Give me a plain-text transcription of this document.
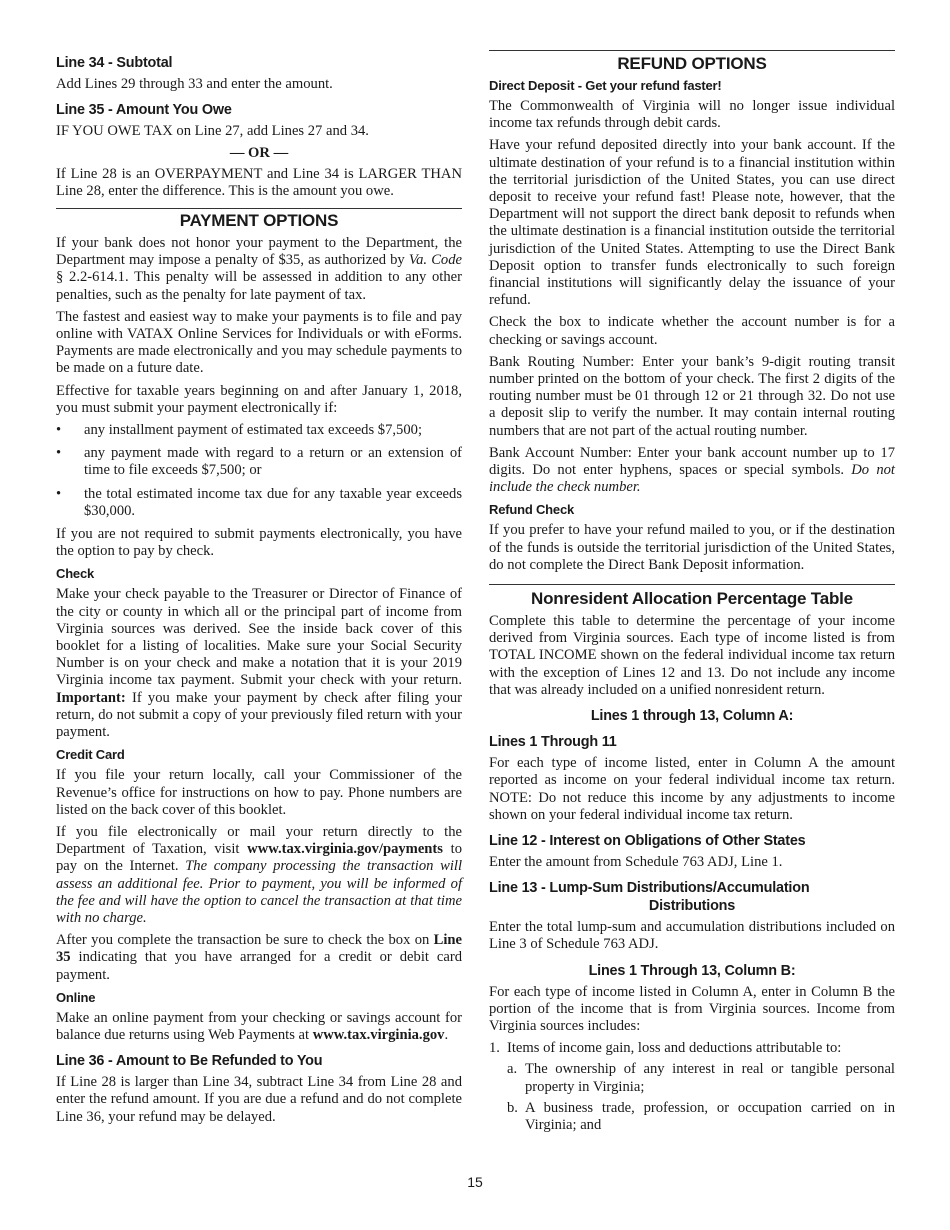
Line 34 - Subtotal

Add Lines 29 through 33 and enter the amount.

Line 35 - Amount You Owe

IF YOU OWE TAX on Line 27, add Lines 27 and 34.

— OR —

If Line 28 is an OVERPAYMENT and Line 34 is LARGER THAN Line 28, enter the difference. This is the amount you owe.

PAYMENT OPTIONS

If your bank does not honor your payment to the Department, the Department may impose a penalty of $35, as authorized by Va. Code § 2.2-614.1. This penalty will be assessed in addition to any other penalties, such as the penalty for late payment of tax.

The fastest and easiest way to make your payments is to file and pay online with VATAX Online Services for Individuals or with eForms. Payments are made electronically and you may schedule payments to be made on a future date.

Effective for taxable years beginning on and after January 1, 2018, you must submit your payment electronically if:

•	any installment payment of estimated tax exceeds $7,500;

•	any payment made with regard to a return or an extension of time to file exceeds $7,500; or

•	the total estimated income tax due for any taxable year exceeds $30,000.

If you are not required to submit payments electronically, you have the option to pay by check.

Check

Make your check payable to the Treasurer or Director of Finance of the city or county in which all or the principal part of income from Virginia sources was derived. See the inside back cover of this booklet for a listing of localities. Make sure your Social Security Number is on your check and make a notation that it is your 2019 Virginia income tax payment. Submit your check with your return. Important: If you make your payment by check after filing your return, do not submit a copy of your previously filed return with your payment.

Credit Card

If you file your return locally, call your Commissioner of the Revenue’s office for instructions on how to pay. Phone numbers are listed on the back cover of this booklet.

If you file electronically or mail your return directly to the Department of Taxation, visit www.tax.virginia.gov/payments to pay on the Internet. The company processing the transaction will assess an additional fee. Prior to payment, you will be informed of the fee and will have the option to cancel the transaction at that time with no charge.

After you complete the transaction be sure to check the box on Line 35 indicating that you have arranged for a credit or debit card payment.

Online

Make an online payment from your checking or savings account for balance due returns using Web Payments at www.tax.virginia.gov.

Line 36 - Amount to Be Refunded to You

If Line 28 is larger than Line 34, subtract Line 34 from Line 28 and enter the refund amount. If you are due a refund and do not complete Line 36, your refund may be delayed.

REFUND OPTIONS
Direct Deposit - Get your refund faster!

The Commonwealth of Virginia will no longer issue individual income tax refunds through debit cards.

Have your refund deposited directly into your bank account. If the ultimate destination of your refund is to a financial institution within the territorial jurisdiction of the United States, you can use direct deposit to receive your refund fast! Please note, however, that the Department will not support the direct bank deposit to refunds when the ultimate destination is a financial institution outside the territorial jurisdiction of the United States. Attempting to use the Direct Bank Deposit option to transfer funds electronically to such foreign financial institutions will significantly delay the issuance of your refund.

Check the box to indicate whether the account number is for a checking or savings account.

Bank Routing Number: Enter your bank’s 9-digit routing transit number printed on the bottom of your check. The first 2 digits of the routing number must be 01 through 12 or 21 through 32. Do not use a deposit slip to verify the number. It may contain internal routing numbers that are not part of the actual routing number.

Bank Account Number: Enter your bank account number up to 17 digits. Do not enter hyphens, spaces or special symbols. Do not include the check number.

Refund Check

If you prefer to have your refund mailed to you, or if the destination of the funds is outside the territorial jurisdiction of the United States, do not complete the Direct Bank Deposit information.

Nonresident Allocation Percentage Table

Complete this table to determine the percentage of your income derived from Virginia sources. Each type of income listed is from TOTAL INCOME shown on the federal individual income tax return with the exception of Lines 12 and 13. Do not include any income that was already included on a unified nonresident return.

Lines 1 through 13, Column A:
Lines 1 Through 11

For each type of income listed, enter in Column A the amount reported as income on your federal individual income tax return. NOTE: Do not reduce this income by any adjustments to income shown on your federal individual income tax return.

Line 12 - Interest on Obligations of Other States

Enter the amount from Schedule 763 ADJ, Line 1.

Line 13 - Lump-Sum Distributions/Accumulation

Distributions

Enter the total lump-sum and accumulation distributions included on Line 3 of Schedule 763 ADJ.

Lines 1 Through 13, Column B:

For each type of income listed in Column A, enter in Column B the portion of the income that is from Virginia sources. Income from Virginia sources includes:

1. Items of income gain, loss and deductions attributable to:

a. The ownership of any interest in real or tangible personal property in Virginia;

b. A business trade, profession, or occupation carried on in Virginia; and

15
